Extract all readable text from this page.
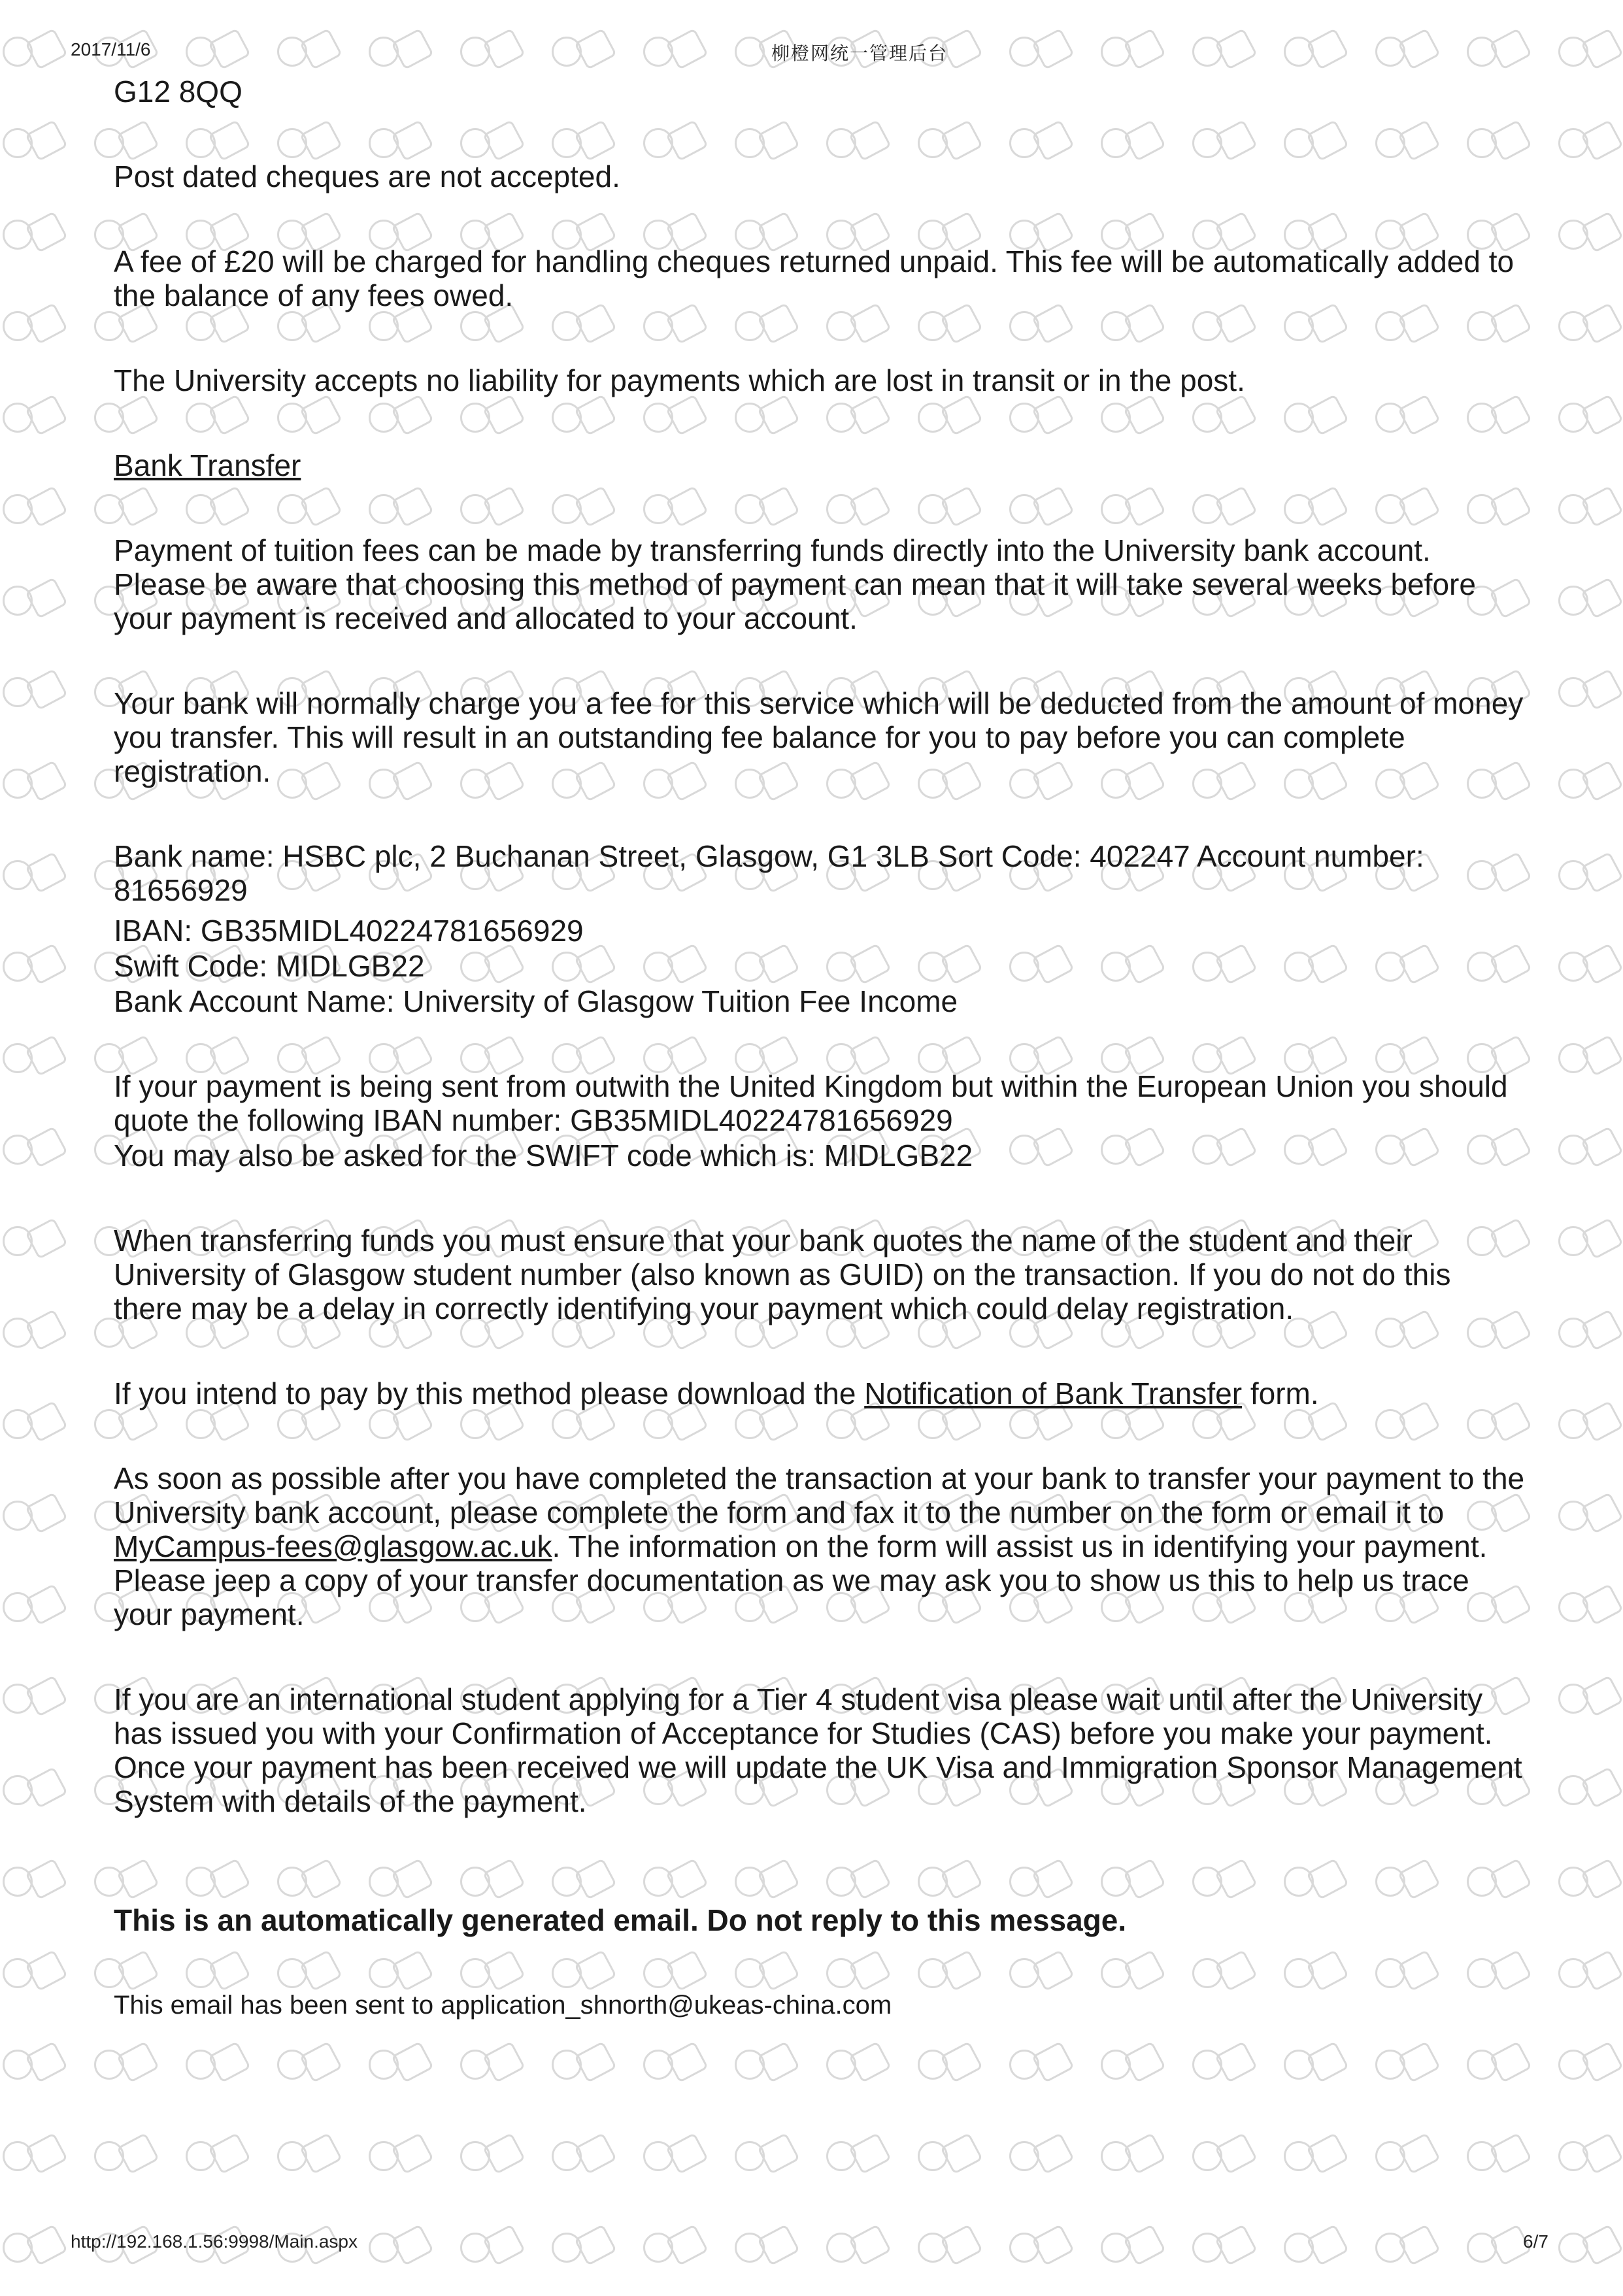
2017/11/6	柳橙网统一管理后台

G12 8QQ

Post dated cheques are not accepted.

A fee of £20 will be charged for handling cheques returned unpaid. This fee will be automatically added to the balance of any fees owed.

The University accepts no liability for payments which are lost in transit or in the post.

Bank Transfer

Payment of tuition fees can be made by transferring funds directly into the University bank account. Please be aware that choosing this method of payment can mean that it will take several weeks before your payment is received and allocated to your account.

Your bank will normally charge you a fee for this service which will be deducted from the amount of money you transfer. This will result in an outstanding fee balance for you to pay before you can complete registration.

Bank name: HSBC plc, 2 Buchanan Street, Glasgow, G1 3LB Sort Code: 402247 Account number: 81656929

IBAN: GB35MIDL40224781656929

Swift Code: MIDLGB22

Bank Account Name: University of Glasgow Tuition Fee Income

If your payment is being sent from outwith the United Kingdom but within the European Union you should quote the following IBAN number: GB35MIDL40224781656929

You may also be asked for the SWIFT code which is: MIDLGB22

When transferring funds you must ensure that your bank quotes the name of the student and their University of Glasgow student number (also known as GUID) on the transaction. If you do not do this there may be a delay in correctly identifying your payment which could delay registration.

If you intend to pay by this method please download the Notification of Bank Transfer form.

As soon as possible after you have completed the transaction at your bank to transfer your payment to the University bank account, please complete the form and fax it to the number on the form or email it to MyCampus-fees@glasgow.ac.uk. The information on the form will assist us in identifying your payment. Please jeep a copy of your transfer documentation as we may ask you to show us this to help us trace your payment.

If you are an international student applying for a Tier 4 student visa please wait until after the University has issued you with your Confirmation of Acceptance for Studies (CAS) before you make your payment. Once your payment has been received we will update the UK Visa and Immigration Sponsor Management System with details of the payment.

This is an automatically generated email. Do not reply to this message.

This email has been sent to application_shnorth@ukeas-china.com

http://192.168.1.56:9998/Main.aspx	6/7
